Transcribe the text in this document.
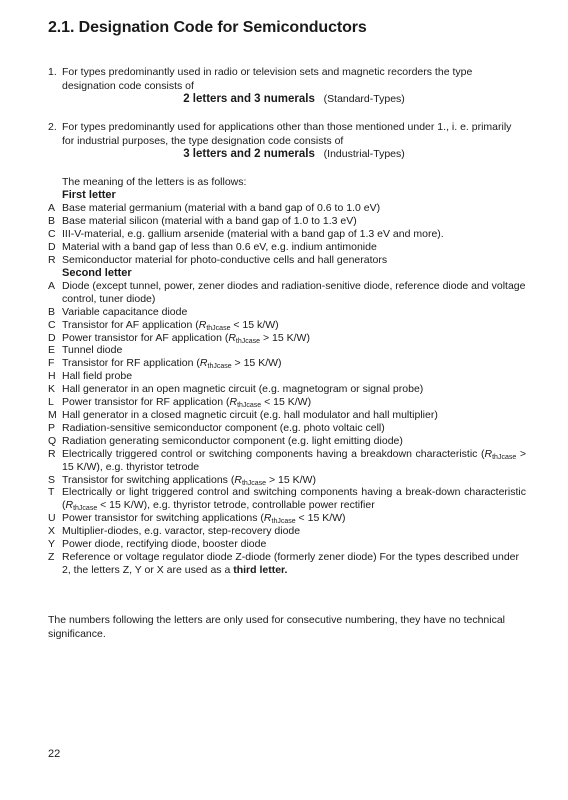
2.1. Designation Code for Semiconductors
1. For types predominantly used in radio or television sets and magnetic recorders the type designation code consists of
2 letters and 3 numerals (Standard-Types)
2. For types predominantly used for applications other than those mentioned under 1., i. e. primarily for industrial purposes, the type designation code consists of
3 letters and 2 numerals (Industrial-Types)
The meaning of the letters is as follows:
First letter
A Base material germanium (material with a band gap of 0.6 to 1.0 eV)
B Base material silicon (material with a band gap of 1.0 to 1.3 eV)
C III-V-material, e.g. gallium arsenide (material with a band gap of 1.3 eV and more).
D Material with a band gap of less than 0.6 eV, e.g. indium antimonide
R Semiconductor material for photo-conductive cells and hall generators
Second letter
A Diode (except tunnel, power, zener diodes and radiation-senitive diode, reference diode and voltage control, tuner diode)
B Variable capacitance diode
C Transistor for AF application ($R_{thJcase} < 15$ k/W)
D Power transistor for AF application ($R_{thJcase} > 15$ K/W)
E Tunnel diode
F Transistor for RF application ($R_{thJcase} > 15$ K/W)
H Hall field probe
K Hall generator in an open magnetic circuit (e.g. magnetogram or signal probe)
L Power transistor for RF application ($R_{thJcase} < 15$ K/W)
M Hall generator in a closed magnetic circuit (e.g. hall modulator and hall multiplier)
P Radiation-sensitive semiconductor component (e.g. photo voltaic cell)
Q Radiation generating semiconductor component (e.g. light emitting diode)
R Electrically triggered control or switching components having a breakdown characteristic ($R_{thJcase} > 15$ K/W), e.g. thyristor tetrode
S Transistor for switching applications ($R_{thJcase} > 15$ K/W)
T Electrically or light triggered control and switching components having a break-down characteristic ($R_{thJcase} < 15$ K/W), e.g. thyristor tetrode, controllable power rectifier
U Power transistor for switching applications ($R_{thJcase} < 15$ K/W)
X Multiplier-diodes, e.g. varactor, step-recovery diode
Y Power diode, rectifying diode, booster diode
Z Reference or voltage regulator diode Z-diode (formerly zener diode) For the types described under 2, the letters Z, Y or X are used as a third letter.
The numbers following the letters are only used for consecutive numbering, they have no technical significance.
22
